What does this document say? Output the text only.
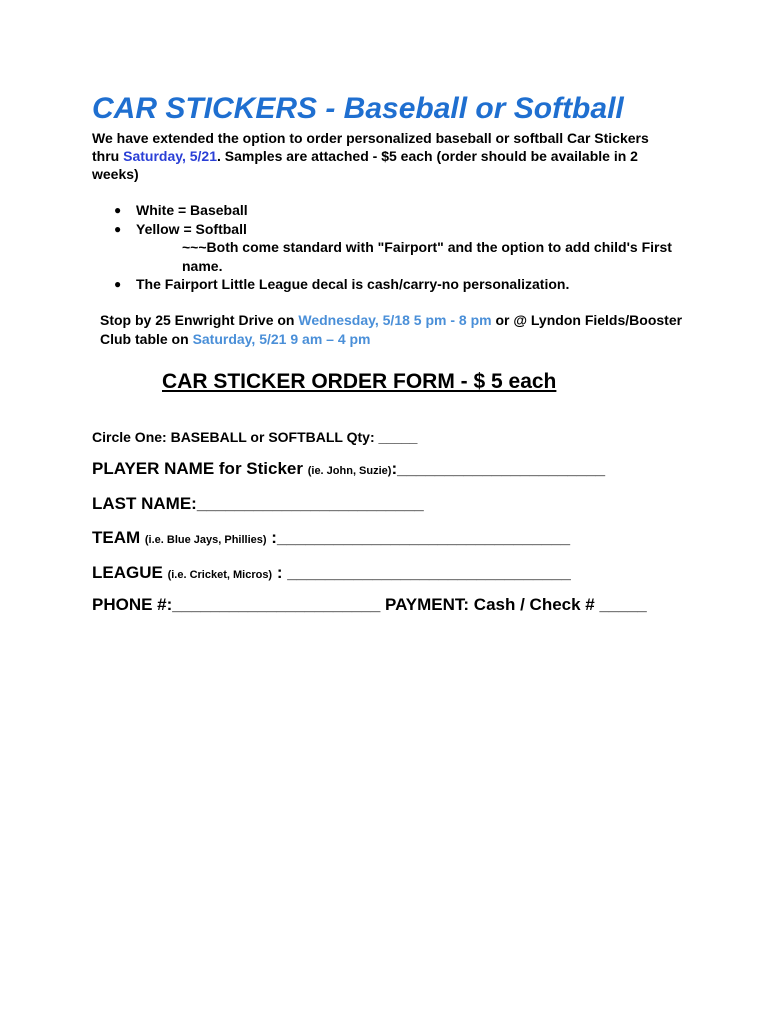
CAR STICKERS - Baseball or Softball

We have extended the option to order personalized baseball or softball Car Stickers thru Saturday, 5/21. Samples are attached - $5 each (order should be available in 2 weeks)

● White = Baseball
● Yellow = Softball
~~~Both come standard with "Fairport" and the option to add child's First name.
● The Fairport Little League decal is cash/carry-no personalization.

Stop by 25 Enwright Drive on Wednesday, 5/18 5 pm - 8 pm or @ Lyndon Fields/Booster Club table on Saturday, 5/21 9 am – 4 pm

CAR STICKER ORDER FORM - $ 5 each
Circle One: BASEBALL or SOFTBALL Qty: _____
PLAYER NAME for Sticker (ie. John, Suzie):______________________
LAST NAME:________________________
TEAM (i.e. Blue Jays, Phillies) :_______________________________
LEAGUE (i.e. Cricket, Micros) : ______________________________
PHONE #:______________________ PAYMENT: Cash / Check # _____
